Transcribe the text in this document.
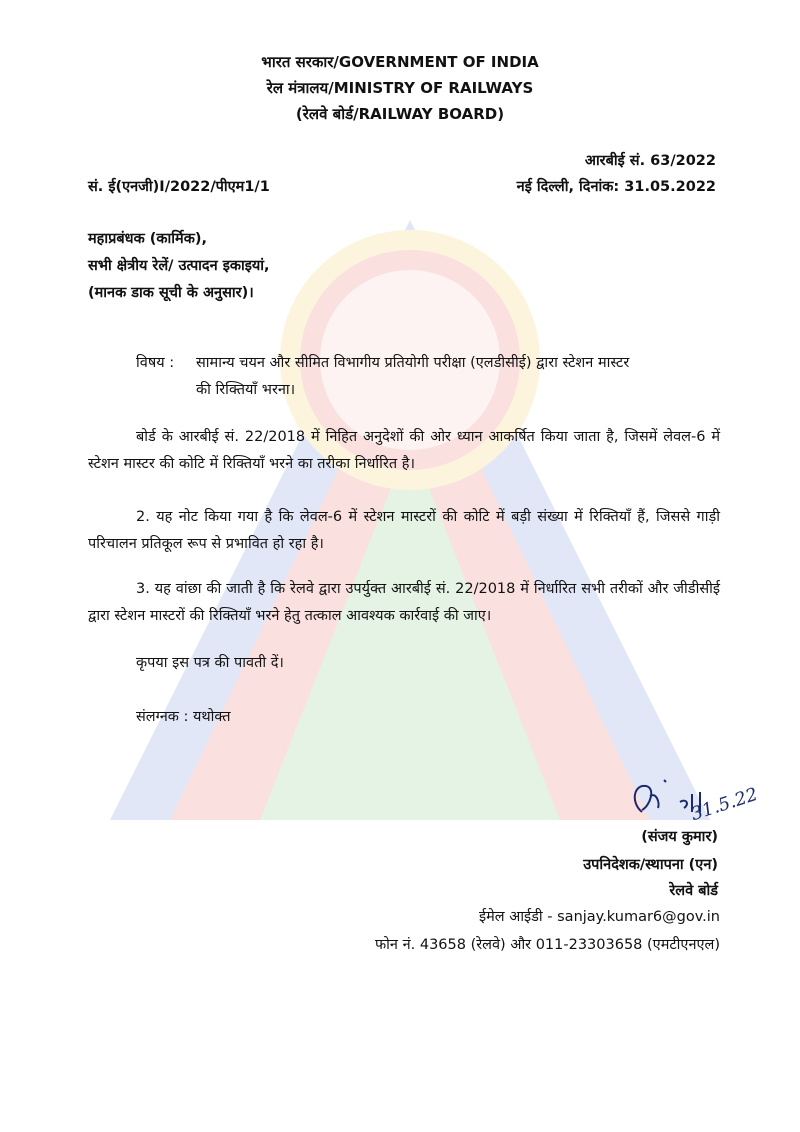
भारत सरकार/GOVERNMENT OF INDIA
रेल मंत्रालय/MINISTRY OF RAILWAYS
(रेलवे बोर्ड/RAILWAY BOARD)
आरबीई सं. 63/2022
सं. ई(एनजी)I/2022/पीएम1/1	नई दिल्ली, दिनांक: 31.05.2022
महाप्रबंधक (कार्मिक),
सभी क्षेत्रीय रेलें/ उत्पादन इकाइयां,
(मानक डाक सूची के अनुसार)।
विषय : सामान्य चयन और सीमित विभागीय प्रतियोगी परीक्षा (एलडीसीई) द्वारा स्टेशन मास्टर
की रिक्तियाँ भरना।
बोर्ड के आरबीई सं. 22/2018 में निहित अनुदेशों की ओर ध्यान आकर्षित किया जाता है, जिसमें लेवल-6 में स्टेशन मास्टर की कोटि में रिक्तियाँ भरने का तरीका निर्धारित है।
2. यह नोट किया गया है कि लेवल-6 में स्टेशन मास्टरों की कोटि में बड़ी संख्या में रिक्तियाँ हैं, जिससे गाड़ी परिचालन प्रतिकूल रूप से प्रभावित हो रहा है।
3. यह वांछा की जाती है कि रेलवे द्वारा उपर्युक्त आरबीई सं. 22/2018 में निर्धारित सभी तरीकों और जीडीसीई द्वारा स्टेशन मास्टरों की रिक्तियाँ भरने हेतु तत्काल आवश्यक कार्रवाई की जाए।
कृपया इस पत्र की पावती दें।
संलग्नक : यथोक्त
31.5.22
(संजय कुमार)
उपनिदेशक/स्थापना (एन)
रेलवे बोर्ड
ईमेल आईडी - sanjay.kumar6@gov.in
फोन नं. 43658 (रेलवे) और 011-23303658 (एमटीएनएल)
